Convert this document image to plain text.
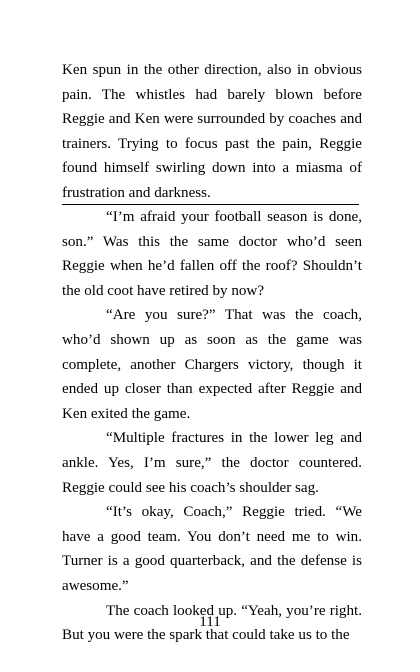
Ken spun in the other direction, also in obvious pain. The whistles had barely blown before Reggie and Ken were surrounded by coaches and trainers. Trying to focus past the pain, Reggie found himself swirling down into a miasma of frustration and darkness.

“I’m afraid your football season is done, son.” Was this the same doctor who’d seen Reggie when he’d fallen off the roof? Shouldn’t the old coot have retired by now?

“Are you sure?” That was the coach, who’d shown up as soon as the game was complete, another Chargers victory, though it ended up closer than expected after Reggie and Ken exited the game.

“Multiple fractures in the lower leg and ankle. Yes, I’m sure,” the doctor countered. Reggie could see his coach’s shoulder sag.

“It’s okay, Coach,” Reggie tried. “We have a good team. You don’t need me to win. Turner is a good quarterback, and the defense is awesome.”

The coach looked up. “Yeah, you’re right. But you were the spark that could take us to the

111
